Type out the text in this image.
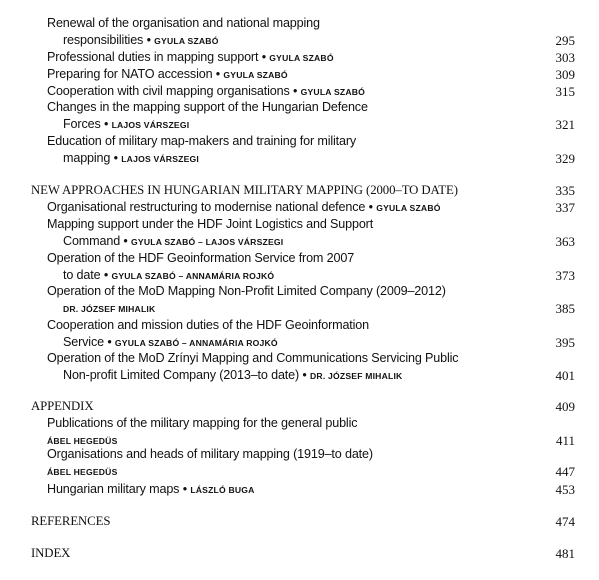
Renewal of the organisation and national mapping
responsibilities • GYULA SZABÓ	295
Professional duties in mapping support • GYULA SZABÓ	303
Preparing for NATO accession • GYULA SZABÓ	309
Cooperation with civil mapping organisations • GYULA SZABÓ	315
Changes in the mapping support of the Hungarian Defence
Forces • LAJOS VÁRSZEGI	321
Education of military map-makers and training for military
mapping • LAJOS VÁRSZEGI	329
NEW APPROACHES IN HUNGARIAN MILITARY MAPPING (2000–TO DATE)	335
Organisational restructuring to modernise national defence • GYULA SZABÓ	337
Mapping support under the HDF Joint Logistics and Support
Command • GYULA SZABÓ – LAJOS VÁRSZEGI	363
Operation of the HDF Geoinformation Service from 2007
to date • GYULA SZABÓ – ANNAMÁRIA ROJKÓ	373
Operation of the MoD Mapping Non-Profit Limited Company (2009–2012)
DR. JÓZSEF MIHALIK	385
Cooperation and mission duties of the HDF Geoinformation
Service • GYULA SZABÓ – ANNAMÁRIA ROJKÓ	395
Operation of the MoD Zrínyi Mapping and Communications Servicing Public
Non-profit Limited Company (2013–to date) • DR. JÓZSEF MIHALIK	401
APPENDIX	409
Publications of the military mapping for the general public
ÁBEL HEGEDÜS	411
Organisations and heads of military mapping (1919–to date)
ÁBEL HEGEDÜS	447
Hungarian military maps • LÁSZLÓ BUGA	453
REFERENCES	474
INDEX	481
